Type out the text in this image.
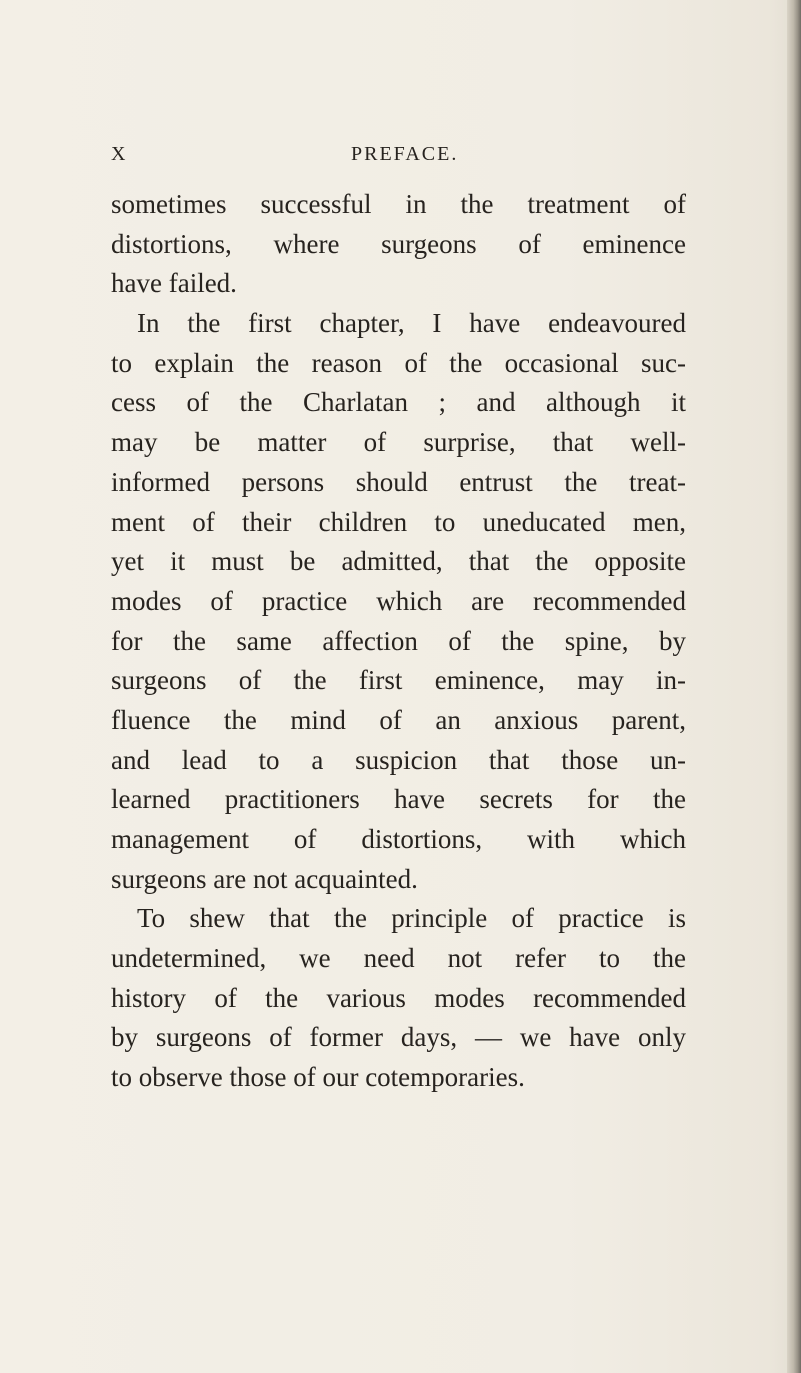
X	PREFACE.
sometimes successful in the treatment of
distortions, where surgeons of eminence
have failed.
In the first chapter, I have endeavoured
to explain the reason of the occasional suc-
cess of the Charlatan ; and although it
may be matter of surprise, that well-
informed persons should entrust the treat-
ment of their children to uneducated men,
yet it must be admitted, that the opposite
modes of practice which are recommended
for the same affection of the spine, by
surgeons of the first eminence, may in-
fluence the mind of an anxious parent,
and lead to a suspicion that those un-
learned practitioners have secrets for the
management of distortions, with which
surgeons are not acquainted.
To shew that the principle of practice is
undetermined, we need not refer to the
history of the various modes recommended
by surgeons of former days, — we have only
to observe those of our cotemporaries.
